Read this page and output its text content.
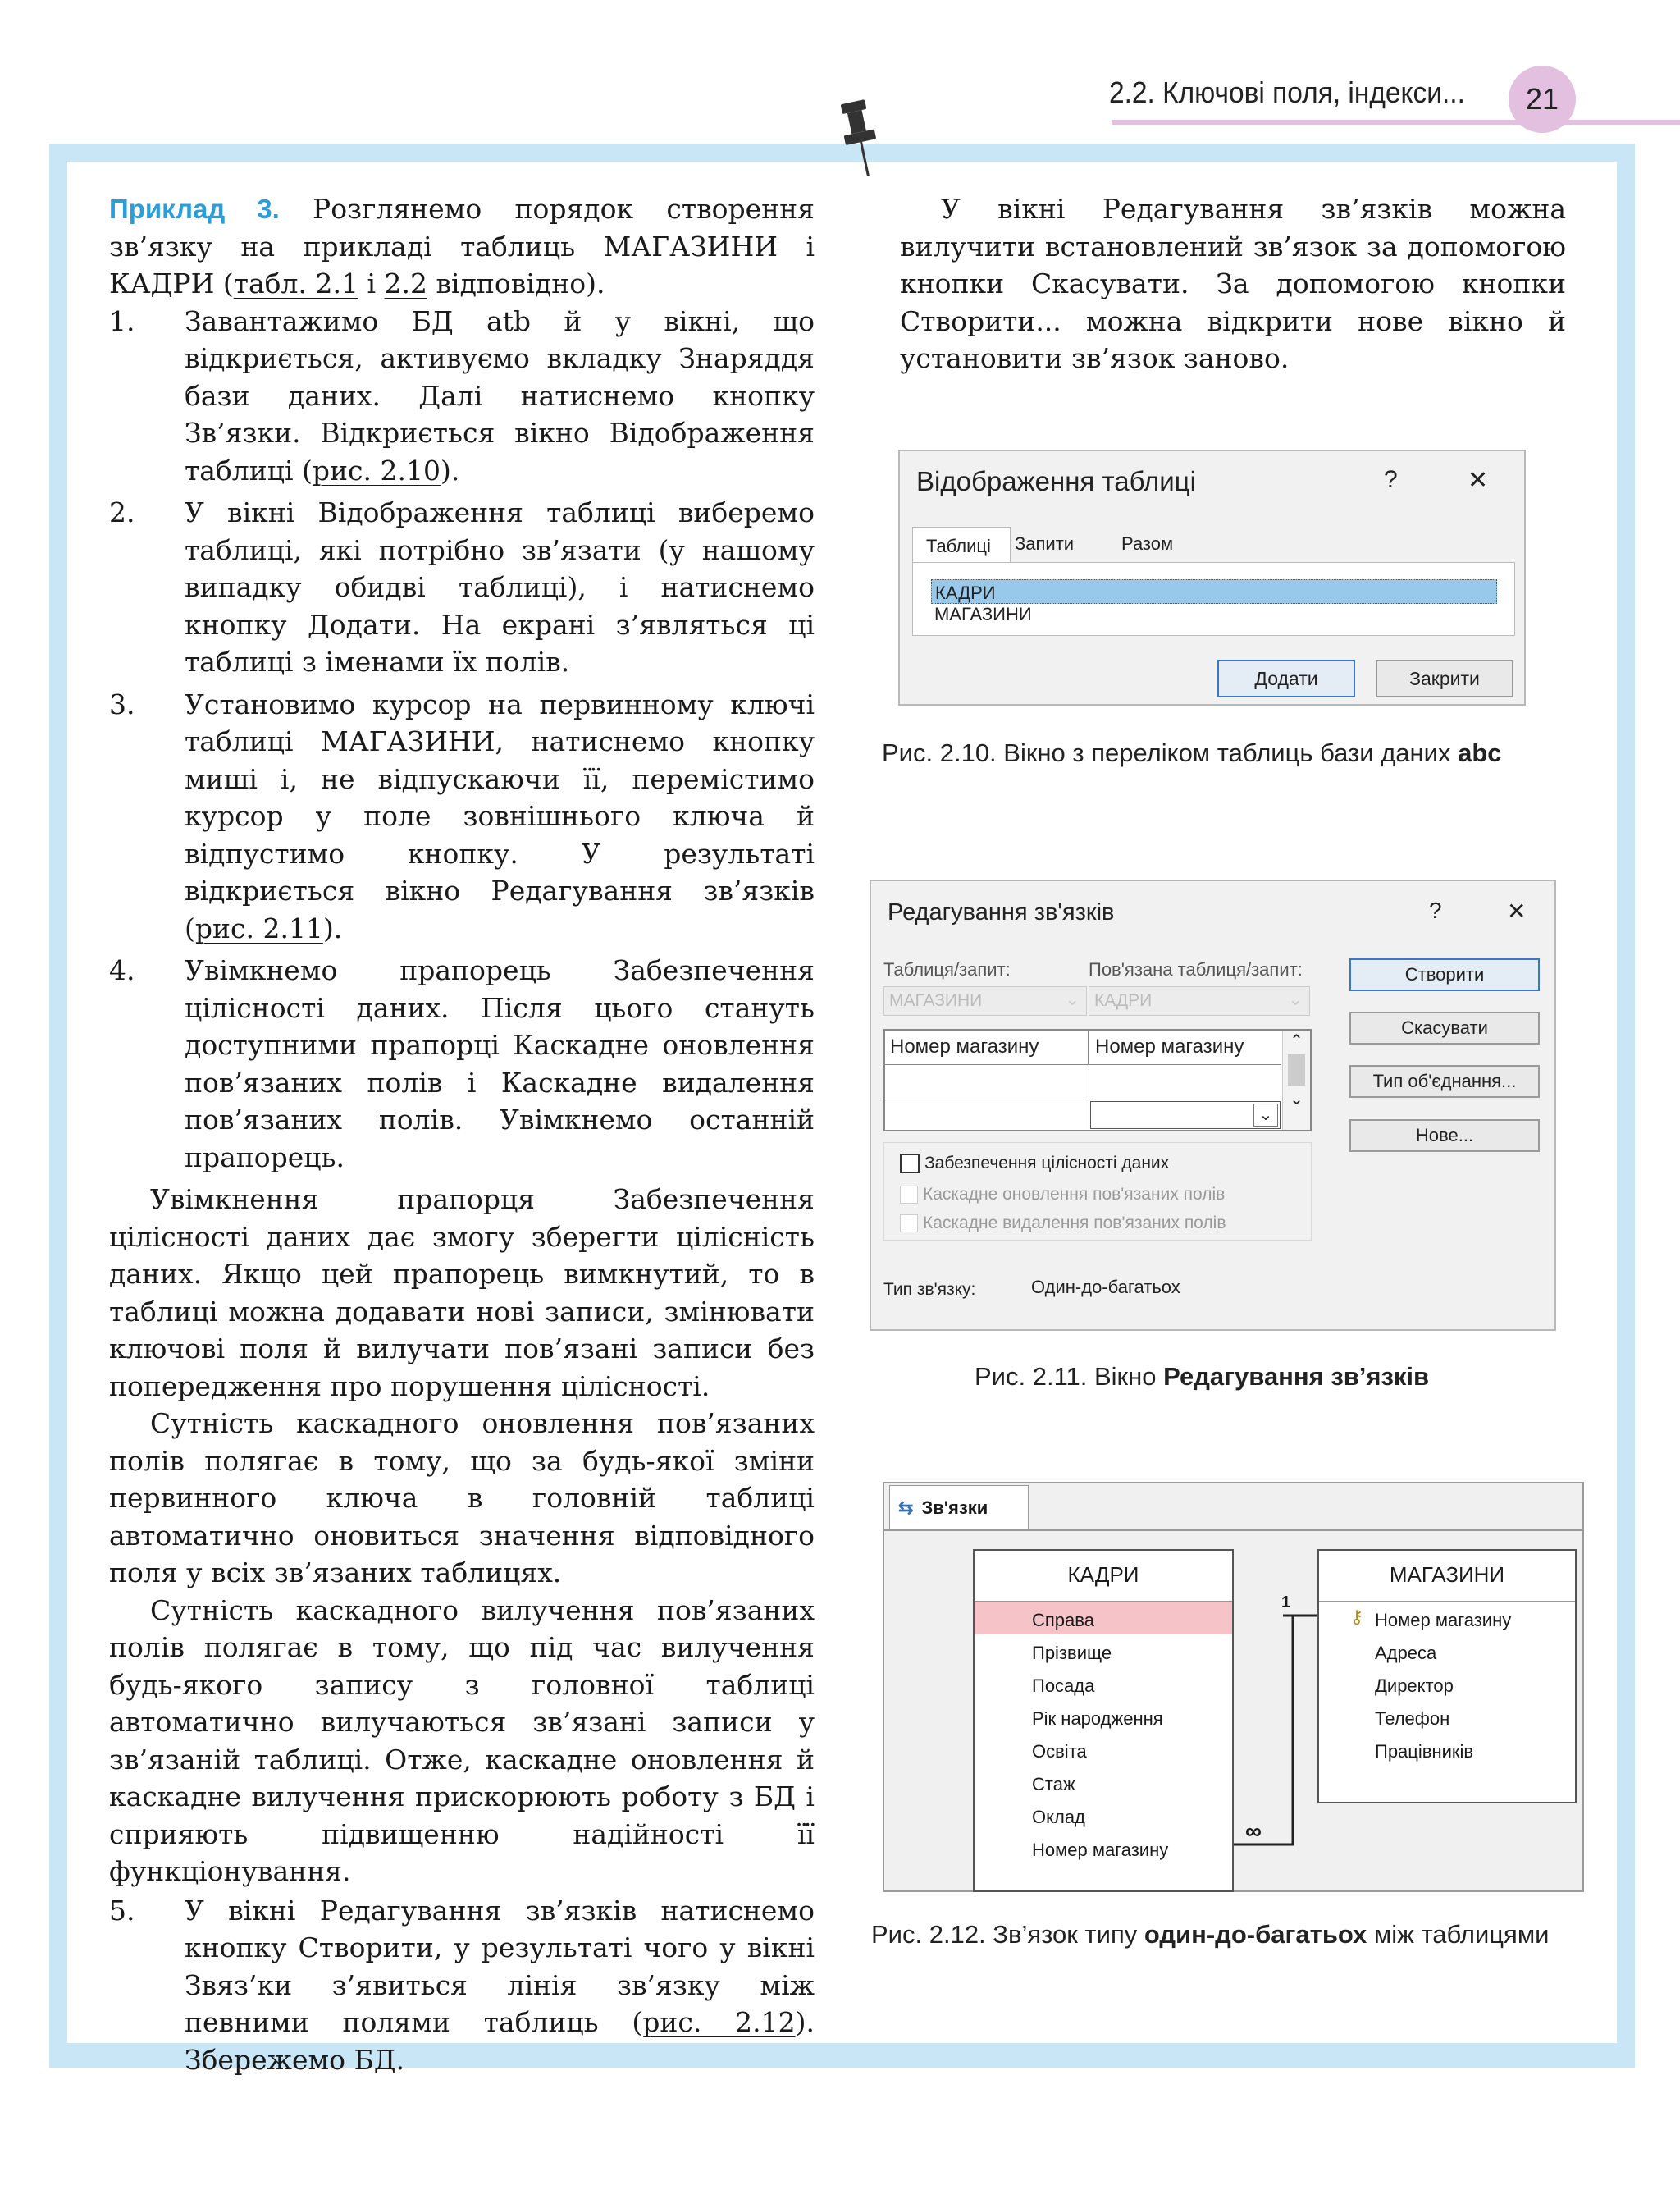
2.2. Ключові поля, індекси...	21

Приклад 3. Розглянемо порядок створення зв’язку на прикладі таблиць МАГАЗИНИ і КАДРИ (табл. 2.1 і 2.2 відповідно).

1. Завантажимо БД atb й у вікні, що відкриється, активуємо вкладку Знаряддя бази даних. Далі натиснемо кнопку Зв’язки. Відкриється вікно Відображення таблиці (рис. 2.10).
2. У вікні Відображення таблиці виберемо таблиці, які потрібно зв’язати (у нашому випадку обидві таблиці), і натиснемо кнопку Додати. На екрані з’являться ці таблиці з іменами їх полів.
3. Установимо курсор на первинному ключі таблиці МАГАЗИНИ, натиснемо кнопку миші і, не відпускаючи її, перемістимо курсор у поле зовнішнього ключа й відпустимо кнопку. У результаті відкриється вікно Редагування зв’язків (рис. 2.11).
4. Увімкнемо прапорець Забезпечення цілісності даних. Після цього стануть доступними прапорці Каскадне оновлення пов’язаних полів і Каскадне видалення пов’язаних полів. Увімкнемо останній прапорець.

Увімкнення прапорця Забезпечення цілісності даних дає змогу зберегти цілісність даних. Якщо цей прапорець вимкнутий, то в таблиці можна додавати нові записи, змінювати ключові поля й вилучати пов’язані записи без попередження про порушення цілісності.

Сутність каскадного оновлення пов’язаних полів полягає в тому, що за будь-якої зміни первинного ключа в головній таблиці автоматично оновиться значення відповідного поля у всіх зв’язаних таблицях.

Сутність каскадного вилучення пов’язаних полів полягає в тому, що під час вилучення будь-якого запису з головної таблиці автоматично вилучаються зв’язані записи у зв’язаній таблиці. Отже, каскадне оновлення й каскадне вилучення прискорюють роботу з БД і сприяють підвищенню надійності її функціонування.

5. У вікні Редагування зв’язків натиснемо кнопку Створити, у результаті чого у вікні Звяз’ки з’явиться лінія зв’язку між певними полями таблиць (рис. 2.12). Збережемо БД.

У вікні Редагування зв’язків можна вилучити встановлений зв’язок за допомогою кнопки Скасувати. За допомогою кнопки Створити... можна відкрити нове вікно й установити зв’язок заново.

Відображення таблиці	?	✕
Таблиці	Запити	Разом
КАДРИ
МАГАЗИНИ
Додати	Закрити
Рис. 2.10. Вікно з переліком таблиць бази даних abc
Редагування зв'язків	?	✕
Таблиця/запит:	Пов'язана таблиця/запит:
МАГАЗИНИ	⌄ КАДРИ	⌄
Номер магазину	Номер магазину
⌄
⌃
⌄
Забезпечення цілісності даних
Каскадне оновлення пов'язаних полів
Каскадне видалення пов'язаних полів
Тип зв'язку:	Один-до-багатьох
Створити
Скасувати
Тип об'єднання...
Нове...
Рис. 2.11. Вікно Редагування зв’язків
⇆ Зв'язки
КАДРИ
Справа
Прізвище
Посада
Рік народження
Освіта
Стаж
Оклад
Номер магазину
МАГАЗИНИ
⚷ Номер магазину
Адреса
Директор
Телефон
Працівників
1
∞
Рис. 2.12. Зв’язок типу один-до-багатьох між таблицями
